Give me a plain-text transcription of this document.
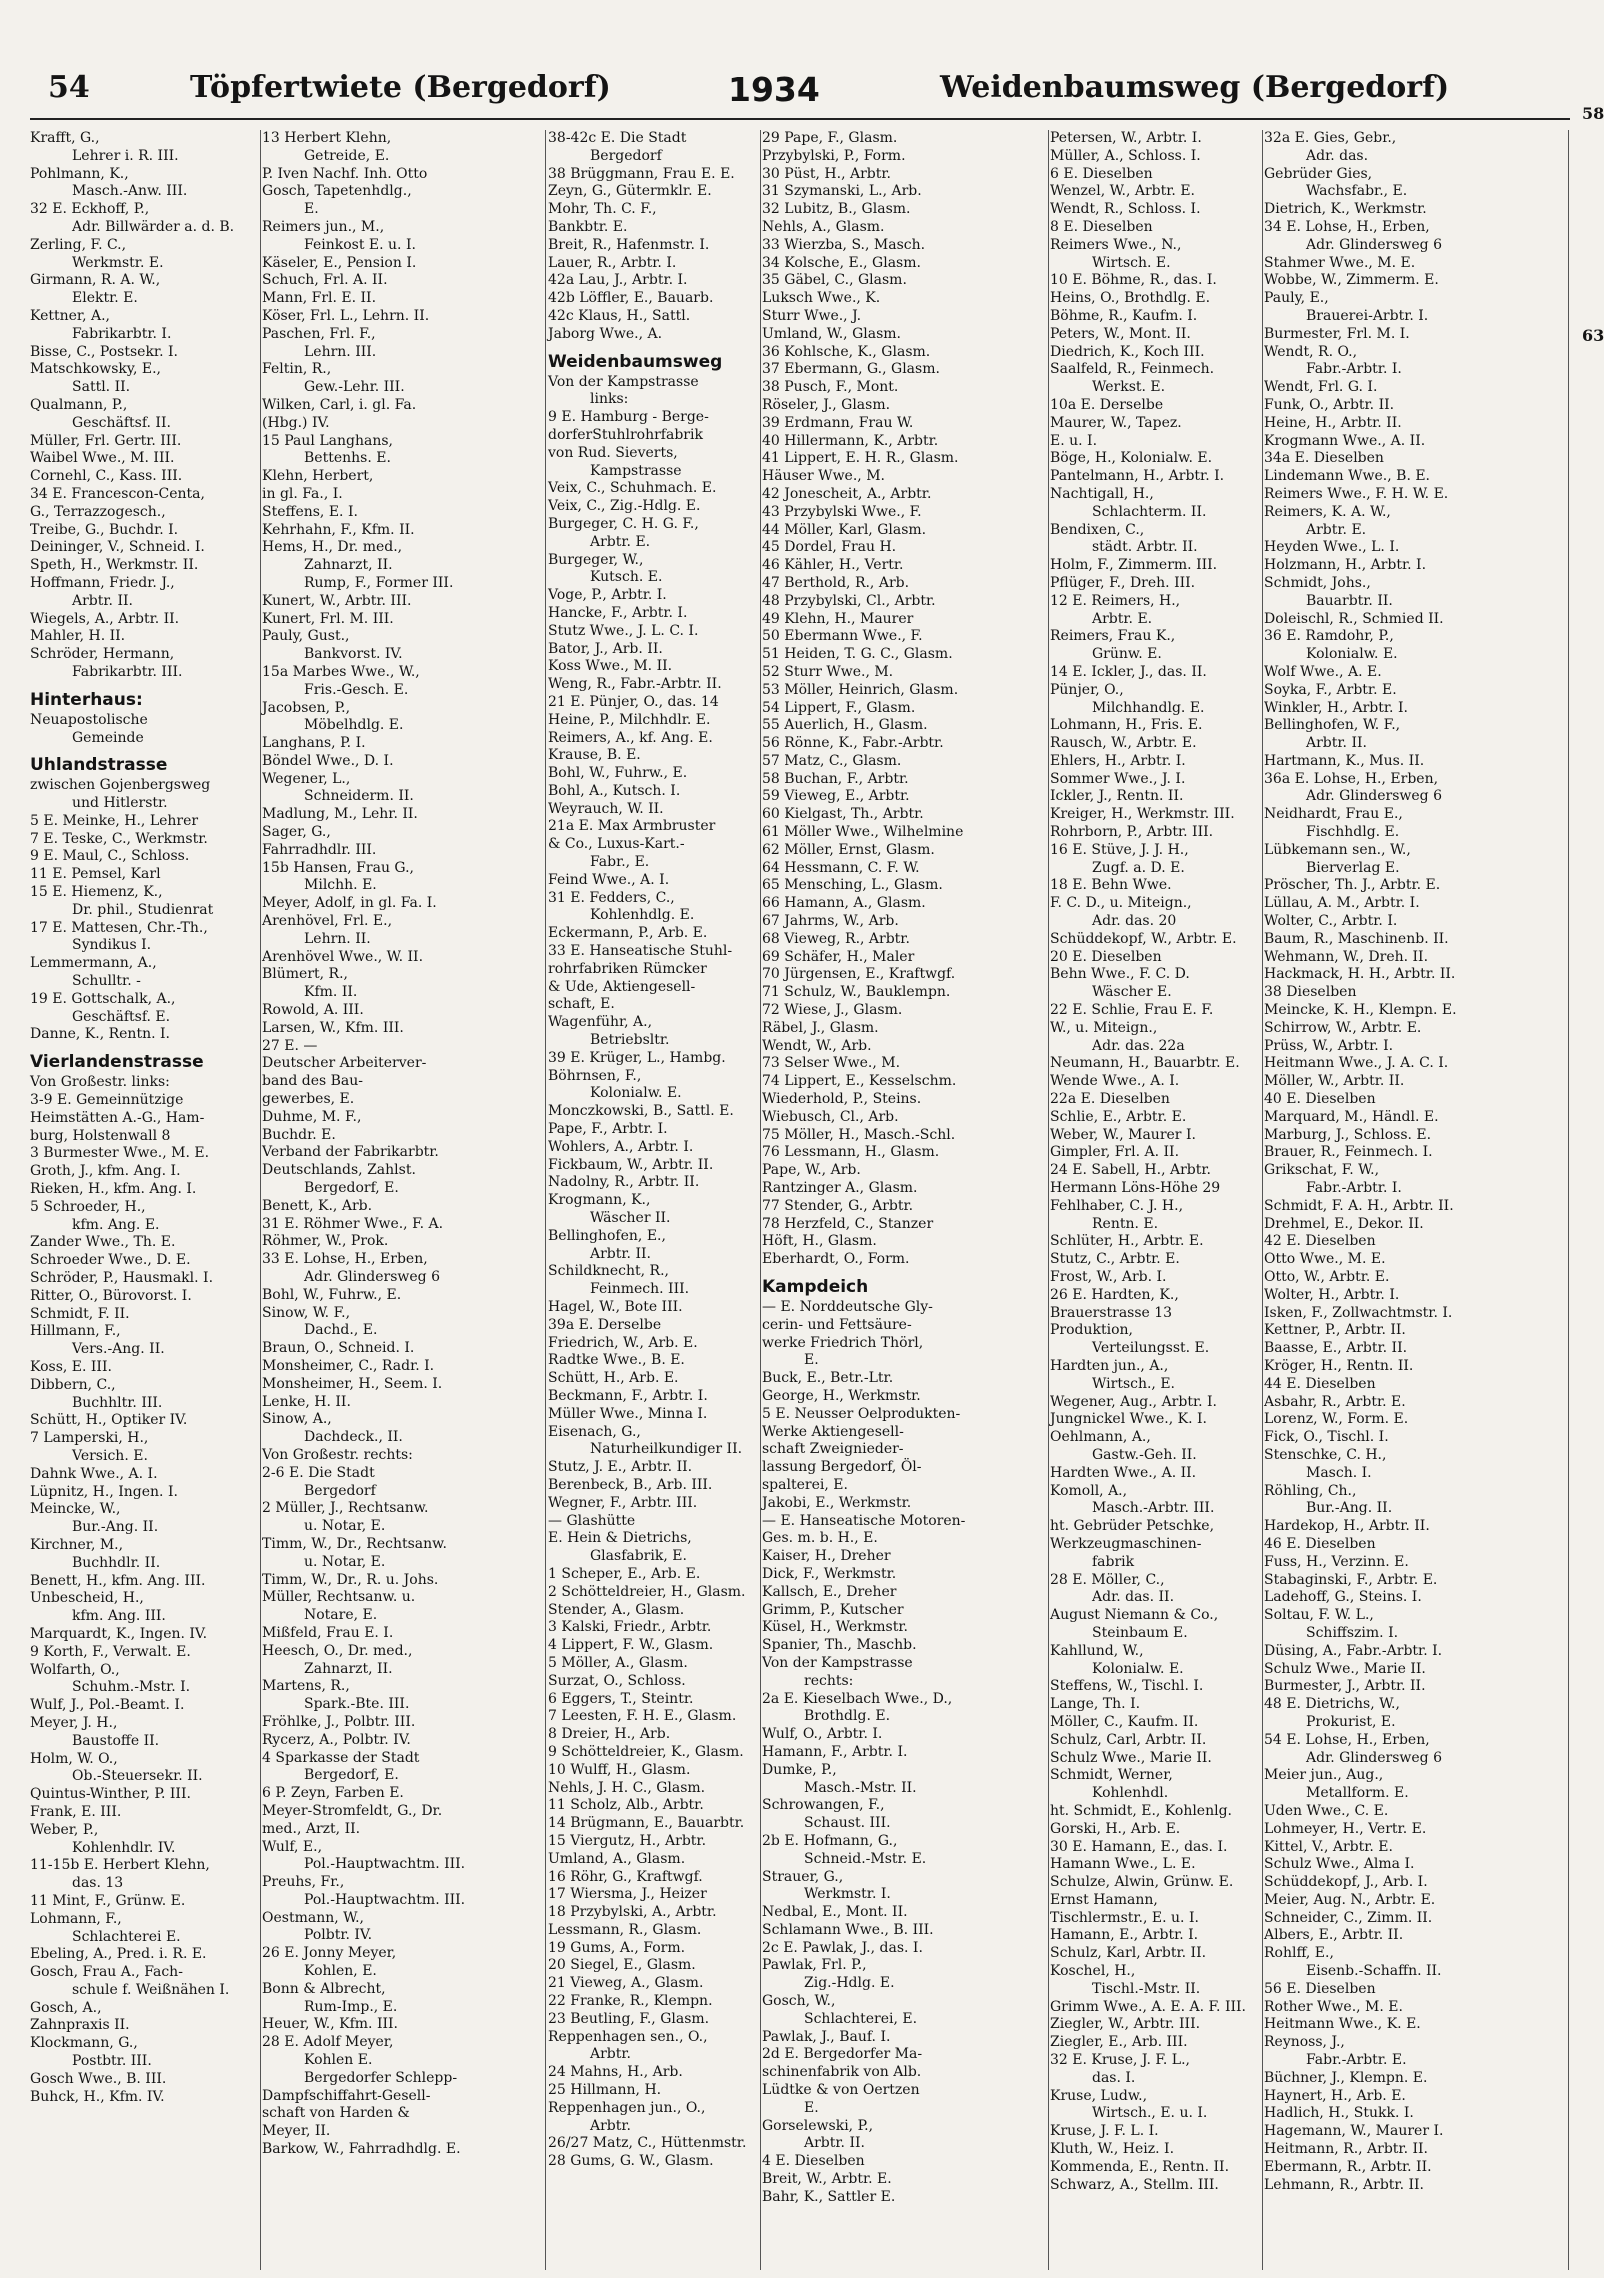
54	Töpfertwiete (Bergedorf)	1934	Weidenbaumsweg (Bergedorf)
58
63
Krafft, G.,
Lehrer i. R. III.
Pohlmann, K.,
Masch.-Anw. III.
32 E. Eckhoff, P.,
Adr. Billwärder a. d. B.
Zerling, F. C.,
Werkmstr. E.
Girmann, R. A. W.,
Elektr. E.
Kettner, A.,
Fabrikarbtr. I.
Bisse, C., Postsekr. I.
Matschkowsky, E.,
Sattl. II.
Qualmann, P.,
Geschäftsf. II.
Müller, Frl. Gertr. III.
Waibel Wwe., M. III.
Cornehl, C., Kass. III.
34 E. Francescon-Centa,
G., Terrazzogesch.,
Treibe, G., Buchdr. I.
Deininger, V., Schneid. I.
Speth, H., Werkmstr. II.
Hoffmann, Friedr. J.,
Arbtr. II.
Wiegels, A., Arbtr. II.
Mahler, H. II.
Schröder, Hermann,
Fabrikarbtr. III.
Hinterhaus:
Neuapostolische
Gemeinde
Uhlandstrasse
zwischen Gojenbergsweg
und Hitlerstr.
5 E. Meinke, H., Lehrer
7 E. Teske, C., Werkmstr.
9 E. Maul, C., Schloss.
11 E. Pemsel, Karl
15 E. Hiemenz, K.,
Dr. phil., Studienrat
17 E. Mattesen, Chr.-Th.,
Syndikus I.
Lemmermann, A.,
Schulltr. -
19 E. Gottschalk, A.,
Geschäftsf. E.
Danne, K., Rentn. I.
Vierlandenstrasse
Von Großestr. links:
3-9 E. Gemeinnützige
Heimstätten A.-G., Ham-
burg, Holstenwall 8
3 Burmester Wwe., M. E.
Groth, J., kfm. Ang. I.
Rieken, H., kfm. Ang. I.
5 Schroeder, H.,
kfm. Ang. E.
Zander Wwe., Th. E.
Schroeder Wwe., D. E.
Schröder, P., Hausmakl. I.
Ritter, O., Bürovorst. I.
Schmidt, F. II.
Hillmann, F.,
Vers.-Ang. II.
Koss, E. III.
Dibbern, C.,
Buchhltr. III.
Schütt, H., Optiker IV.
7 Lamperski, H.,
Versich. E.
Dahnk Wwe., A. I.
Lüpnitz, H., Ingen. I.
Meincke, W.,
Bur.-Ang. II.
Kirchner, M.,
Buchhdlr. II.
Benett, H., kfm. Ang. III.
Unbescheid, H.,
kfm. Ang. III.
Marquardt, K., Ingen. IV.
9 Korth, F., Verwalt. E.
Wolfarth, O.,
Schuhm.-Mstr. I.
Wulf, J., Pol.-Beamt. I.
Meyer, J. H.,
Baustoffe II.
Holm, W. O.,
Ob.-Steuersekr. II.
Quintus-Winther, P. III.
Frank, E. III.
Weber, P.,
Kohlenhdlr. IV.
11-15b E. Herbert Klehn,
das. 13
11 Mint, F., Grünw. E.
Lohmann, F.,
Schlachterei E.
Ebeling, A., Pred. i. R. E.
Gosch, Frau A., Fach-
schule f. Weißnähen I.
Gosch, A.,
Zahnpraxis II.
Klockmann, G.,
Postbtr. III.
Gosch Wwe., B. III.
Buhck, H., Kfm. IV.
13 Herbert Klehn,
Getreide, E.
P. Iven Nachf. Inh. Otto
Gosch, Tapetenhdlg.,
E.
Reimers jun., M.,
Feinkost E. u. I.
Käseler, E., Pension I.
Schuch, Frl. A. II.
Mann, Frl. E. II.
Köser, Frl. L., Lehrn. II.
Paschen, Frl. F.,
Lehrn. III.
Feltin, R.,
Gew.-Lehr. III.
Wilken, Carl, i. gl. Fa.
(Hbg.) IV.
15 Paul Langhans,
Bettenhs. E.
Klehn, Herbert,
in gl. Fa., I.
Steffens, E. I.
Kehrhahn, F., Kfm. II.
Hems, H., Dr. med.,
Zahnarzt, II.
Rump, F., Former III.
Kunert, W., Arbtr. III.
Kunert, Frl. M. III.
Pauly, Gust.,
Bankvorst. IV.
15a Marbes Wwe., W.,
Fris.-Gesch. E.
Jacobsen, P.,
Möbelhdlg. E.
Langhans, P. I.
Böndel Wwe., D. I.
Wegener, L.,
Schneiderm. II.
Madlung, M., Lehr. II.
Sager, G.,
Fahrradhdlr. III.
15b Hansen, Frau G.,
Milchh. E.
Meyer, Adolf, in gl. Fa. I.
Arenhövel, Frl. E.,
Lehrn. II.
Arenhövel Wwe., W. II.
Blümert, R.,
Kfm. II.
Rowold, A. III.
Larsen, W., Kfm. III.
27 E. —
Deutscher Arbeiterver-
band des Bau-
gewerbes, E.
Duhme, M. F.,
Buchdr. E.
Verband der Fabrikarbtr.
Deutschlands, Zahlst.
Bergedorf, E.
Benett, K., Arb.
31 E. Röhmer Wwe., F. A.
Röhmer, W., Prok.
33 E. Lohse, H., Erben,
Adr. Glindersweg 6
Bohl, W., Fuhrw., E.
Sinow, W. F.,
Dachd., E.
Braun, O., Schneid. I.
Monsheimer, C., Radr. I.
Monsheimer, H., Seem. I.
Lenke, H. II.
Sinow, A.,
Dachdeck., II.
Von Großestr. rechts:
2-6 E. Die Stadt
Bergedorf
2 Müller, J., Rechtsanw.
u. Notar, E.
Timm, W., Dr., Rechtsanw.
u. Notar, E.
Timm, W., Dr., R. u. Johs.
Müller, Rechtsanw. u.
Notare, E.
Mißfeld, Frau E. I.
Heesch, O., Dr. med.,
Zahnarzt, II.
Martens, R.,
Spark.-Bte. III.
Fröhlke, J., Polbtr. III.
Rycerz, A., Polbtr. IV.
4 Sparkasse der Stadt
Bergedorf, E.
6 P. Zeyn, Farben E.
Meyer-Stromfeldt, G., Dr.
med., Arzt, II.
Wulf, E.,
Pol.-Hauptwachtm. III.
Preuhs, Fr.,
Pol.-Hauptwachtm. III.
Oestmann, W.,
Polbtr. IV.
26 E. Jonny Meyer,
Kohlen, E.
Bonn & Albrecht,
Rum-Imp., E.
Heuer, W., Kfm. III.
28 E. Adolf Meyer,
Kohlen E.
Bergedorfer Schlepp-
Dampfschiffahrt-Gesell-
schaft von Harden &
Meyer, II.
Barkow, W., Fahrradhdlg. E.
38-42c E. Die Stadt
Bergedorf
38 Brüggmann, Frau E. E.
Zeyn, G., Gütermklr. E.
Mohr, Th. C. F.,
Bankbtr. E.
Breit, R., Hafenmstr. I.
Lauer, R., Arbtr. I.
42a Lau, J., Arbtr. I.
42b Löffler, E., Bauarb.
42c Klaus, H., Sattl.
Jaborg Wwe., A.
Weidenbaumsweg
Von der Kampstrasse
links:
9 E. Hamburg - Berge-
dorferStuhlrohrfabrik
von Rud. Sieverts,
Kampstrasse
Veix, C., Schuhmach. E.
Veix, C., Zig.-Hdlg. E.
Burgeger, C. H. G. F.,
Arbtr. E.
Burgeger, W.,
Kutsch. E.
Voge, P., Arbtr. I.
Hancke, F., Arbtr. I.
Stutz Wwe., J. L. C. I.
Bator, J., Arb. II.
Koss Wwe., M. II.
Weng, R., Fabr.-Arbtr. II.
21 E. Pünjer, O., das. 14
Heine, P., Milchhdlr. E.
Reimers, A., kf. Ang. E.
Krause, B. E.
Bohl, W., Fuhrw., E.
Bohl, A., Kutsch. I.
Weyrauch, W. II.
21a E. Max Armbruster
& Co., Luxus-Kart.-
Fabr., E.
Feind Wwe., A. I.
31 E. Fedders, C.,
Kohlenhdlg. E.
Eckermann, P., Arb. E.
33 E. Hanseatische Stuhl-
rohrfabriken Rümcker
& Ude, Aktiengesell-
schaft, E.
Wagenführ, A.,
Betriebsltr.
39 E. Krüger, L., Hambg.
Böhrnsen, F.,
Kolonialw. E.
Monczkowski, B., Sattl. E.
Pape, F., Arbtr. I.
Wohlers, A., Arbtr. I.
Fickbaum, W., Arbtr. II.
Nadolny, R., Arbtr. II.
Krogmann, K.,
Wäscher II.
Bellinghofen, E.,
Arbtr. II.
Schildknecht, R.,
Feinmech. III.
Hagel, W., Bote III.
39a E. Derselbe
Friedrich, W., Arb. E.
Radtke Wwe., B. E.
Schütt, H., Arb. E.
Beckmann, F., Arbtr. I.
Müller Wwe., Minna I.
Eisenach, G.,
Naturheilkundiger II.
Stutz, J. E., Arbtr. II.
Berenbeck, B., Arb. III.
Wegner, F., Arbtr. III.
— Glashütte
E. Hein & Dietrichs,
Glasfabrik, E.
1 Scheper, E., Arb. E.
2 Schötteldreier, H., Glasm.
Stender, A., Glasm.
3 Kalski, Friedr., Arbtr.
4 Lippert, F. W., Glasm.
5 Möller, A., Glasm.
Surzat, O., Schloss.
6 Eggers, T., Steintr.
7 Leesten, F. H. E., Glasm.
8 Dreier, H., Arb.
9 Schötteldreier, K., Glasm.
10 Wulff, H., Glasm.
Nehls, J. H. C., Glasm.
11 Scholz, Alb., Arbtr.
14 Brügmann, E., Bauarbtr.
15 Viergutz, H., Arbtr.
Umland, A., Glasm.
16 Röhr, G., Kraftwgf.
17 Wiersma, J., Heizer
18 Przybylski, A., Arbtr.
Lessmann, R., Glasm.
19 Gums, A., Form.
20 Siegel, E., Glasm.
21 Vieweg, A., Glasm.
22 Franke, R., Klempn.
23 Beutling, F., Glasm.
Reppenhagen sen., O.,
Arbtr.
24 Mahns, H., Arb.
25 Hillmann, H.
Reppenhagen jun., O.,
Arbtr.
26/27 Matz, C., Hüttenmstr.
28 Gums, G. W., Glasm.
29 Pape, F., Glasm.
Przybylski, P., Form.
30 Püst, H., Arbtr.
31 Szymanski, L., Arb.
32 Lubitz, B., Glasm.
Nehls, A., Glasm.
33 Wierzba, S., Masch.
34 Kolsche, E., Glasm.
35 Gäbel, C., Glasm.
Luksch Wwe., K.
Sturr Wwe., J.
Umland, W., Glasm.
36 Kohlsche, K., Glasm.
37 Ebermann, G., Glasm.
38 Pusch, F., Mont.
Röseler, J., Glasm.
39 Erdmann, Frau W.
40 Hillermann, K., Arbtr.
41 Lippert, E. H. R., Glasm.
Häuser Wwe., M.
42 Jonescheit, A., Arbtr.
43 Przybylski Wwe., F.
44 Möller, Karl, Glasm.
45 Dordel, Frau H.
46 Kähler, H., Vertr.
47 Berthold, R., Arb.
48 Przybylski, Cl., Arbtr.
49 Klehn, H., Maurer
50 Ebermann Wwe., F.
51 Heiden, T. G. C., Glasm.
52 Sturr Wwe., M.
53 Möller, Heinrich, Glasm.
54 Lippert, F., Glasm.
55 Auerlich, H., Glasm.
56 Rönne, K., Fabr.-Arbtr.
57 Matz, C., Glasm.
58 Buchan, F., Arbtr.
59 Vieweg, E., Arbtr.
60 Kielgast, Th., Arbtr.
61 Möller Wwe., Wilhelmine
62 Möller, Ernst, Glasm.
64 Hessmann, C. F. W.
65 Mensching, L., Glasm.
66 Hamann, A., Glasm.
67 Jahrms, W., Arb.
68 Vieweg, R., Arbtr.
69 Schäfer, H., Maler
70 Jürgensen, E., Kraftwgf.
71 Schulz, W., Bauklempn.
72 Wiese, J., Glasm.
Räbel, J., Glasm.
Wendt, W., Arb.
73 Selser Wwe., M.
74 Lippert, E., Kesselschm.
Wiederhold, P., Steins.
Wiebusch, Cl., Arb.
75 Möller, H., Masch.-Schl.
76 Lessmann, H., Glasm.
Pape, W., Arb.
Rantzinger A., Glasm.
77 Stender, G., Arbtr.
78 Herzfeld, C., Stanzer
Höft, H., Glasm.
Eberhardt, O., Form.
Kampdeich
— E. Norddeutsche Gly-
cerin- und Fettsäure-
werke Friedrich Thörl,
E.
Buck, E., Betr.-Ltr.
George, H., Werkmstr.
5 E. Neusser Oelprodukten-
Werke Aktiengesell-
schaft Zweignieder-
lassung Bergedorf, Öl-
spalterei, E.
Jakobi, E., Werkmstr.
— E. Hanseatische Motoren-
Ges. m. b. H., E.
Kaiser, H., Dreher
Dick, F., Werkmstr.
Kallsch, E., Dreher
Grimm, P., Kutscher
Küsel, H., Werkmstr.
Spanier, Th., Maschb.
Von der Kampstrasse
rechts:
2a E. Kieselbach Wwe., D.,
Brothdlg. E.
Wulf, O., Arbtr. I.
Hamann, F., Arbtr. I.
Dumke, P.,
Masch.-Mstr. II.
Schrowangen, F.,
Schaust. III.
2b E. Hofmann, G.,
Schneid.-Mstr. E.
Strauer, G.,
Werkmstr. I.
Nedbal, E., Mont. II.
Schlamann Wwe., B. III.
2c E. Pawlak, J., das. I.
Pawlak, Frl. P.,
Zig.-Hdlg. E.
Gosch, W.,
Schlachterei, E.
Pawlak, J., Bauf. I.
2d E. Bergedorfer Ma-
schinenfabrik von Alb.
Lüdtke & von Oertzen
E.
Gorselewski, P.,
Arbtr. II.
4 E. Dieselben
Breit, W., Arbtr. E.
Bahr, K., Sattler E.
Petersen, W., Arbtr. I.
Müller, A., Schloss. I.
6 E. Dieselben
Wenzel, W., Arbtr. E.
Wendt, R., Schloss. I.
8 E. Dieselben
Reimers Wwe., N.,
Wirtsch. E.
10 E. Böhme, R., das. I.
Heins, O., Brothdlg. E.
Böhme, R., Kaufm. I.
Peters, W., Mont. II.
Diedrich, K., Koch III.
Saalfeld, R., Feinmech.
Werkst. E.
10a E. Derselbe
Maurer, W., Tapez.
E. u. I.
Böge, H., Kolonialw. E.
Pantelmann, H., Arbtr. I.
Nachtigall, H.,
Schlachterm. II.
Bendixen, C.,
städt. Arbtr. II.
Holm, F., Zimmerm. III.
Pflüger, F., Dreh. III.
12 E. Reimers, H.,
Arbtr. E.
Reimers, Frau K.,
Grünw. E.
14 E. Ickler, J., das. II.
Pünjer, O.,
Milchhandlg. E.
Lohmann, H., Fris. E.
Rausch, W., Arbtr. E.
Ehlers, H., Arbtr. I.
Sommer Wwe., J. I.
Ickler, J., Rentn. II.
Kreiger, H., Werkmstr. III.
Rohrborn, P., Arbtr. III.
16 E. Stüve, J. J. H.,
Zugf. a. D. E.
18 E. Behn Wwe.
F. C. D., u. Miteign.,
Adr. das. 20
Schüddekopf, W., Arbtr. E.
20 E. Dieselben
Behn Wwe., F. C. D.
Wäscher E.
22 E. Schlie, Frau E. F.
W., u. Miteign.,
Adr. das. 22a
Neumann, H., Bauarbtr. E.
Wende Wwe., A. I.
22a E. Dieselben
Schlie, E., Arbtr. E.
Weber, W., Maurer I.
Gimpler, Frl. A. II.
24 E. Sabell, H., Arbtr.
Hermann Löns-Höhe 29
Fehlhaber, C. J. H.,
Rentn. E.
Schlüter, H., Arbtr. E.
Stutz, C., Arbtr. E.
Frost, W., Arb. I.
26 E. Hardten, K.,
Brauerstrasse 13
Produktion,
Verteilungsst. E.
Hardten jun., A.,
Wirtsch., E.
Wegener, Aug., Arbtr. I.
Jungnickel Wwe., K. I.
Oehlmann, A.,
Gastw.-Geh. II.
Hardten Wwe., A. II.
Komoll, A.,
Masch.-Arbtr. III.
ht. Gebrüder Petschke,
Werkzeugmaschinen-
fabrik
28 E. Möller, C.,
Adr. das. II.
August Niemann & Co.,
Steinbaum E.
Kahllund, W.,
Kolonialw. E.
Steffens, W., Tischl. I.
Lange, Th. I.
Möller, C., Kaufm. II.
Schulz, Carl, Arbtr. II.
Schulz Wwe., Marie II.
Schmidt, Werner,
Kohlenhdl.
ht. Schmidt, E., Kohlenlg.
Gorski, H., Arb. E.
30 E. Hamann, E., das. I.
Hamann Wwe., L. E.
Schulze, Alwin, Grünw. E.
Ernst Hamann,
Tischlermstr., E. u. I.
Hamann, E., Arbtr. I.
Schulz, Karl, Arbtr. II.
Koschel, H.,
Tischl.-Mstr. II.
Grimm Wwe., A. E. A. F. III.
Ziegler, W., Arbtr. III.
Ziegler, E., Arb. III.
32 E. Kruse, J. F. L.,
das. I.
Kruse, Ludw.,
Wirtsch., E. u. I.
Kruse, J. F. L. I.
Kluth, W., Heiz. I.
Kommenda, E., Rentn. II.
Schwarz, A., Stellm. III.
32a E. Gies, Gebr.,
Adr. das.
Gebrüder Gies,
Wachsfabr., E.
Dietrich, K., Werkmstr.
34 E. Lohse, H., Erben,
Adr. Glindersweg 6
Stahmer Wwe., M. E.
Wobbe, W., Zimmerm. E.
Pauly, E.,
Brauerei-Arbtr. I.
Burmester, Frl. M. I.
Wendt, R. O.,
Fabr.-Arbtr. I.
Wendt, Frl. G. I.
Funk, O., Arbtr. II.
Heine, H., Arbtr. II.
Krogmann Wwe., A. II.
34a E. Dieselben
Lindemann Wwe., B. E.
Reimers Wwe., F. H. W. E.
Reimers, K. A. W.,
Arbtr. E.
Heyden Wwe., L. I.
Holzmann, H., Arbtr. I.
Schmidt, Johs.,
Bauarbtr. II.
Doleischl, R., Schmied II.
36 E. Ramdohr, P.,
Kolonialw. E.
Wolf Wwe., A. E.
Soyka, F., Arbtr. E.
Winkler, H., Arbtr. I.
Bellinghofen, W. F.,
Arbtr. II.
Hartmann, K., Mus. II.
36a E. Lohse, H., Erben,
Adr. Glindersweg 6
Neidhardt, Frau E.,
Fischhdlg. E.
Lübkemann sen., W.,
Bierverlag E.
Pröscher, Th. J., Arbtr. E.
Lüllau, A. M., Arbtr. I.
Wolter, C., Arbtr. I.
Baum, R., Maschinenb. II.
Wehmann, W., Dreh. II.
Hackmack, H. H., Arbtr. II.
38 Dieselben
Meincke, K. H., Klempn. E.
Schirrow, W., Arbtr. E.
Prüss, W., Arbtr. I.
Heitmann Wwe., J. A. C. I.
Möller, W., Arbtr. II.
40 E. Dieselben
Marquard, M., Händl. E.
Marburg, J., Schloss. E.
Brauer, R., Feinmech. I.
Grikschat, F. W.,
Fabr.-Arbtr. I.
Schmidt, F. A. H., Arbtr. II.
Drehmel, E., Dekor. II.
42 E. Dieselben
Otto Wwe., M. E.
Otto, W., Arbtr. E.
Wolter, H., Arbtr. I.
Isken, F., Zollwachtmstr. I.
Kettner, P., Arbtr. II.
Baasse, E., Arbtr. II.
Kröger, H., Rentn. II.
44 E. Dieselben
Asbahr, R., Arbtr. E.
Lorenz, W., Form. E.
Fick, O., Tischl. I.
Stenschke, C. H.,
Masch. I.
Röhling, Ch.,
Bur.-Ang. II.
Hardekop, H., Arbtr. II.
46 E. Dieselben
Fuss, H., Verzinn. E.
Stabaginski, F., Arbtr. E.
Ladehoff, G., Steins. I.
Soltau, F. W. L.,
Schiffszim. I.
Düsing, A., Fabr.-Arbtr. I.
Schulz Wwe., Marie II.
Burmester, J., Arbtr. II.
48 E. Dietrichs, W.,
Prokurist, E.
54 E. Lohse, H., Erben,
Adr. Glindersweg 6
Meier jun., Aug.,
Metallform. E.
Uden Wwe., C. E.
Lohmeyer, H., Vertr. E.
Kittel, V., Arbtr. E.
Schulz Wwe., Alma I.
Schüddekopf, J., Arb. I.
Meier, Aug. N., Arbtr. E.
Schneider, C., Zimm. II.
Albers, E., Arbtr. II.
Rohlff, E.,
Eisenb.-Schaffn. II.
56 E. Dieselben
Rother Wwe., M. E.
Heitmann Wwe., K. E.
Reynoss, J.,
Fabr.-Arbtr. E.
Büchner, J., Klempn. E.
Haynert, H., Arb. E.
Hadlich, H., Stukk. I.
Hagemann, W., Maurer I.
Heitmann, R., Arbtr. II.
Ebermann, R., Arbtr. II.
Lehmann, R., Arbtr. II.
